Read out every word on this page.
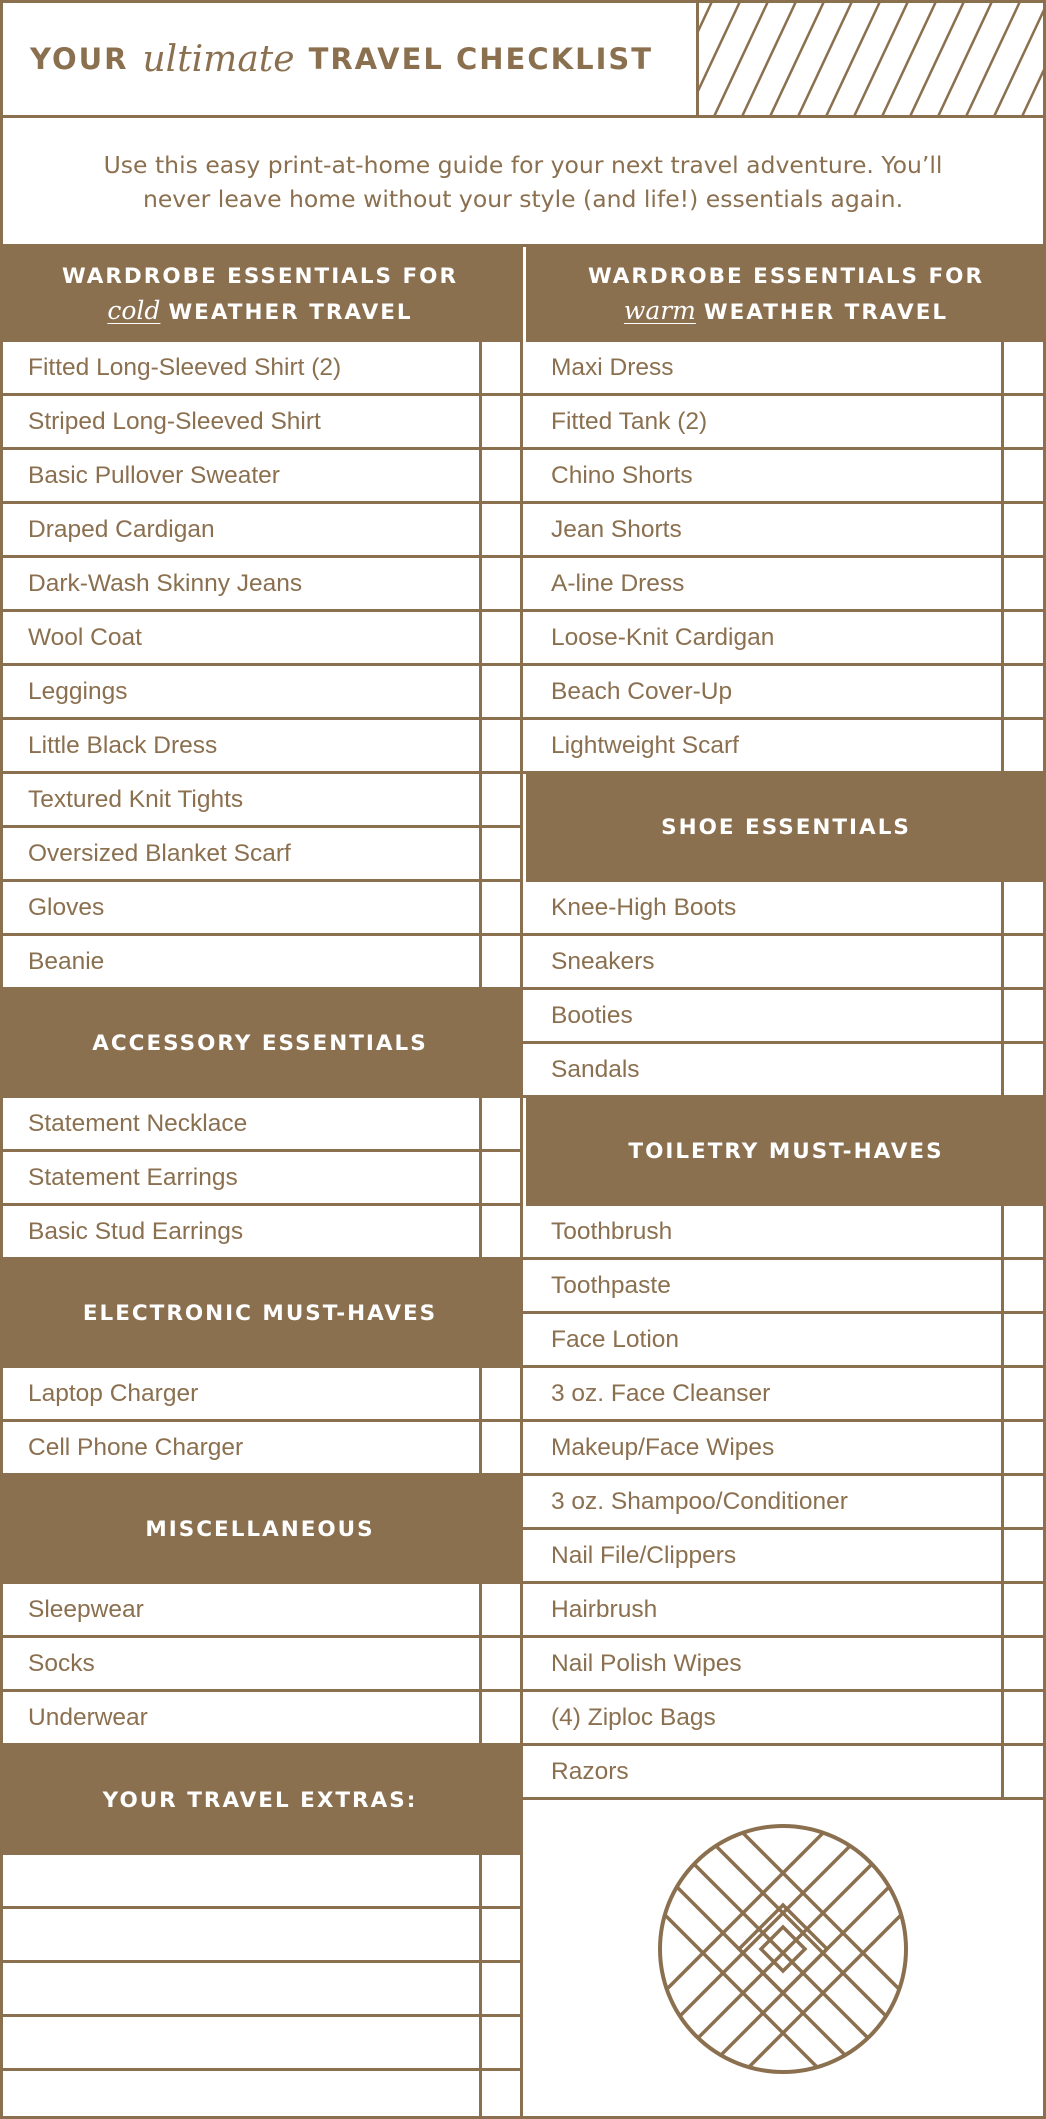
YOUR ultimate TRAVEL CHECKLIST
Use this easy print-at-home guide for your next travel adventure. You’ll
never leave home without your style (and life!) essentials again.
WARDROBE ESSENTIALS FOR
cold WEATHER TRAVEL
WARDROBE ESSENTIALS FOR
warm WEATHER TRAVEL
Fitted Long-Sleeved Shirt (2)
Striped Long-Sleeved Shirt
Basic Pullover Sweater
Draped Cardigan
Dark-Wash Skinny Jeans
Wool Coat
Leggings
Little Black Dress
Textured Knit Tights
Oversized Blanket Scarf
Gloves
Beanie
ACCESSORY ESSENTIALS
Statement Necklace
Statement Earrings
Basic Stud Earrings
ELECTRONIC MUST-HAVES
Laptop Charger
Cell Phone Charger
MISCELLANEOUS
Sleepwear
Socks
Underwear
YOUR TRAVEL EXTRAS:
Maxi Dress
Fitted Tank (2)
Chino Shorts
Jean Shorts
A-line Dress
Loose-Knit Cardigan
Beach Cover-Up
Lightweight Scarf
SHOE ESSENTIALS
Knee-High Boots
Sneakers
Booties
Sandals
TOILETRY MUST-HAVES
Toothbrush
Toothpaste
Face Lotion
3 oz. Face Cleanser
Makeup/Face Wipes
3 oz. Shampoo/Conditioner
Nail File/Clippers
Hairbrush
Nail Polish Wipes
(4) Ziploc Bags
Razors
